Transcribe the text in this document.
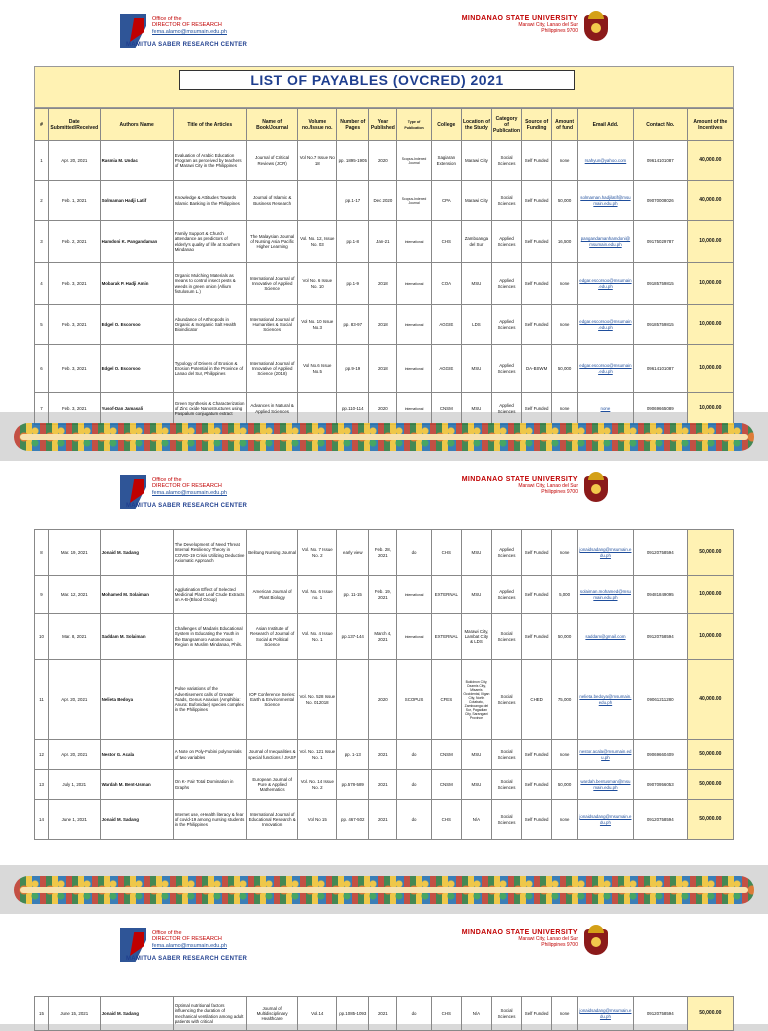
Office of the
DIRECTOR OF RESEARCH
fema.alamo@msumain.edu.ph
MAMITUA SABER RESEARCH CENTER
MINDANAO STATE UNIVERSITY
Marawi City, Lanao del Sur
Philippines 9700
LIST OF PAYABLES (OVCRED) 2021
#	Date Submitted/Received	Authors Name	Title of the Articles	Name of Book/Journal	Volume no./Issue no.	Number of Pages	Year Published	Type of Publication	College	Location of the Study	Category of Publication	Source of Funding	Amount of fund	Email Add.	Contact No.	Amount of the Incentives
1	Apr. 20, 2021	Rasmia M. Undac	Evaluation of Arabic Education Program as perceived by teachers of Marawi City in the Philippines	Journal of Critical Reviews (JCR)	Vol No.7 Issue No 18	pp. 1895-1905	2020	Scopus-Indexed Journal	Sagiaran Extension	Marawi City	Social Sciences	Self Funded	none	rsahyun@yahoo.com	09614101087	40,000.00
2	Feb. 1, 2021	Solmaman Hadji Latif	Knowledge & Attitudes Towards Islamic Banking in the Philippines	Journal of Islamic & Business Research		pp.1-17	Dec 2020	Scopus-Indexed Journal	CPA	Marawi City	Social Sciences	Self Funded	50,000	solmaman.hadjilatif@msumain.edu.ph	09070008026	40,000.00
3	Feb. 2, 2021	Hamdoni K. Pangandaman	Family Support & Church attendance as predictors of elderly's quality of life at Southern Mindanao	The Malaysian Journal of Nursing Asia Pacific Higher Learning	Vol. No. 12, Issue No. 03	pp.1-8	Jan-21	International	CHS	Zamboanga del Sur	Applied Sciences	Self Funded	16,500	pangandamanhamdoni@msumain.edu.ph	09175029787	10,000.00
4	Feb. 3, 2021	Mobarak P. Hadji Amin	Organic Mulching Materials as means to control insect pests & weeds in green onion (Allium fistulosum L.)	International Journal of Innovative of Applied Science	Vol No. 6 Issue No. 10	pp.1-9	2018	International	COA	MSU	Applied Sciences	Self Funded	none	edgar.escorsoo@msumain.edu.ph	09185759815	10,000.00
5	Feb. 3, 2021	Edgel O. Escorsoo	Abundance of Arthropods in Organic & Inorganic Salt Health Bioindicator	International Journal of Humanities & Social Sciences	Vol No. 10 Issue No.3	pp. 83-97	2018	International	AGGIE	LDS	Applied Sciences	Self Funded	none	edgar.escorsoo@msumain.edu.ph	09185759815	10,000.00
6	Feb. 3, 2021	Edgel O. Escorsoo	Typology of Drivers of Erosion & Erosion Potential in the Province of Lanao del Sur, Philippines	International Journal of Innovative of Applied Science (2018)	Vol No.6 Issue No.5	pp.9-19	2018	International	AGGIE	MSU	Applied Sciences	DA-BSWM	50,000	edgar.escorsoo@msumain.edu.ph	09614101087	10,000.00
7	Feb. 3, 2021	Yusof-Dan Jamasali	Green Synthesis & Characterization of Zinc oxide Nanostructures using Paspalum conjugatum extract	Advances in Natural & Applied Sciences		pp.110-114	2020	International	CNSM	MSU	Applied Sciences	Self Funded	none	none	09069665089	10,000.00
Office of the
DIRECTOR OF RESEARCH
fema.alamo@msumain.edu.ph
MAMITUA SABER RESEARCH CENTER
MINDANAO STATE UNIVERSITY
Marawi City, Lanao del Sur
Philippines 9700
8	Mar. 19, 2021	Jonaid M. Sadang	The Development of Need Threat Internal Resiliency Theory in COVID-19 Crisis Utilizing Deductive Axiomatic Approach	Belitung Nursing Journal	Vol. No. 7 Issue No. 2	early view	Feb. 28, 2021	do	CHS	MSU	Applied Sciences	Self Funded	none	jonaidsadang@msumain.edu.ph	09120758594	50,000.00
9	Mar. 12, 2021	Mohamed M. Solaiman	Agglutination Effect of Selected Medicinal Plant Leaf Crude Extracts on A-B-(Blood Group)	American Journal of Plant Biology	Vol. No. 6 Issue no. 1	pp. 11-15	Feb. 19, 2021	International	EXTERNAL	MSU	Applied Sciences	Self Funded	5,000	solaiman.mohamed@msumain.edu.ph	09481849095	10,000.00
10	Mar. 8, 2021	Saddam M. Solaiman	Challenges of Madaris Educational System in Educating the Youth in the Bangsamoro Autonomous Region in Muslim Mindanao, Phils.	Asian Institute of Research of Journal of Social & Political Science	Vol. No. 4 Issue No. 1	pp.137-144	March 4, 2021	International	EXTERNAL	Marawi City, Lambat City & LDS	Social Sciences	Self Funded	50,000	saddam@gmail.com	09120758594	10,000.00
11	Apr. 20, 2021	Nelieta Bedoya	Pulse variations of the Advertisement calls of Greater Toads, Genus Anaxius (Amphibia: Anura: Bufonidae) species complex in the Philippines	IOP Conference Series: Earth & Environmental Science	Vol. No. 528 Issue No. 012018		2020	SCOPUS	CFES	Bukidnon City, Ozamis City, Misamis Occidental, Iligan City, North Cotabato, Zamboanga del Sur, Pagadian City, Sarangani Province	Social Sciences	CHED	75,000	nelieta.bedoya@msumain.edu.ph	09061211280	40,000.00
12	Apr. 20, 2021	Nestor G. Acala	A Note on Poly-Fubini polynomials of two variables	Journal of Inequalities & special functions / JIASF	Vol. No. 121 Issue No. 1	pp. 1-13	2021	do	CNSM	MSU	Social Sciences	Self Funded	none	nestor.acala@msumain.edu.ph	09069660409	50,000.00
13	July 1, 2021	Wardah M. Bent-Usman	On K- Fair Total Domination in Graphs	European Journal of Pure & Applied Mathematics	Vol. No. 14 Issue No. 2	pp.578-589	2021	do	CNSM	MSU	Social Sciences	Self Funded	50,000	wardah.bentusman@msumain.edu.ph	09070956053	50,000.00
14	June 1, 2021	Jonaid M. Sadang	Internet use, eHealth literacy & fear of covid-19 among nursing students in the Philippines	International Journal of Educational Research & Innovation	Vol No 15	pp. 467-502	2021	do	CHS	N/A	Social Sciences	Self Funded	none	jonaidsadang@msumain.edu.ph	09120758594	50,000.00
Office of the
DIRECTOR OF RESEARCH
fema.alamo@msumain.edu.ph
MAMITUA SABER RESEARCH CENTER
MINDANAO STATE UNIVERSITY
Marawi City, Lanao del Sur
Philippines 9700
15	June 15, 2021	Jonaid M. Sadang	Optimal nutritional factors influencing the duration of mechanical ventilation among adult patients with critical	Journal of Multidisciplinary Healthcare	Vol.14	pp.1085-1093	2021	do	CHS	N/A	Social Sciences	Self Funded	none	jonaidsadang@msumain.edu.ph	09120758594	50,000.00
